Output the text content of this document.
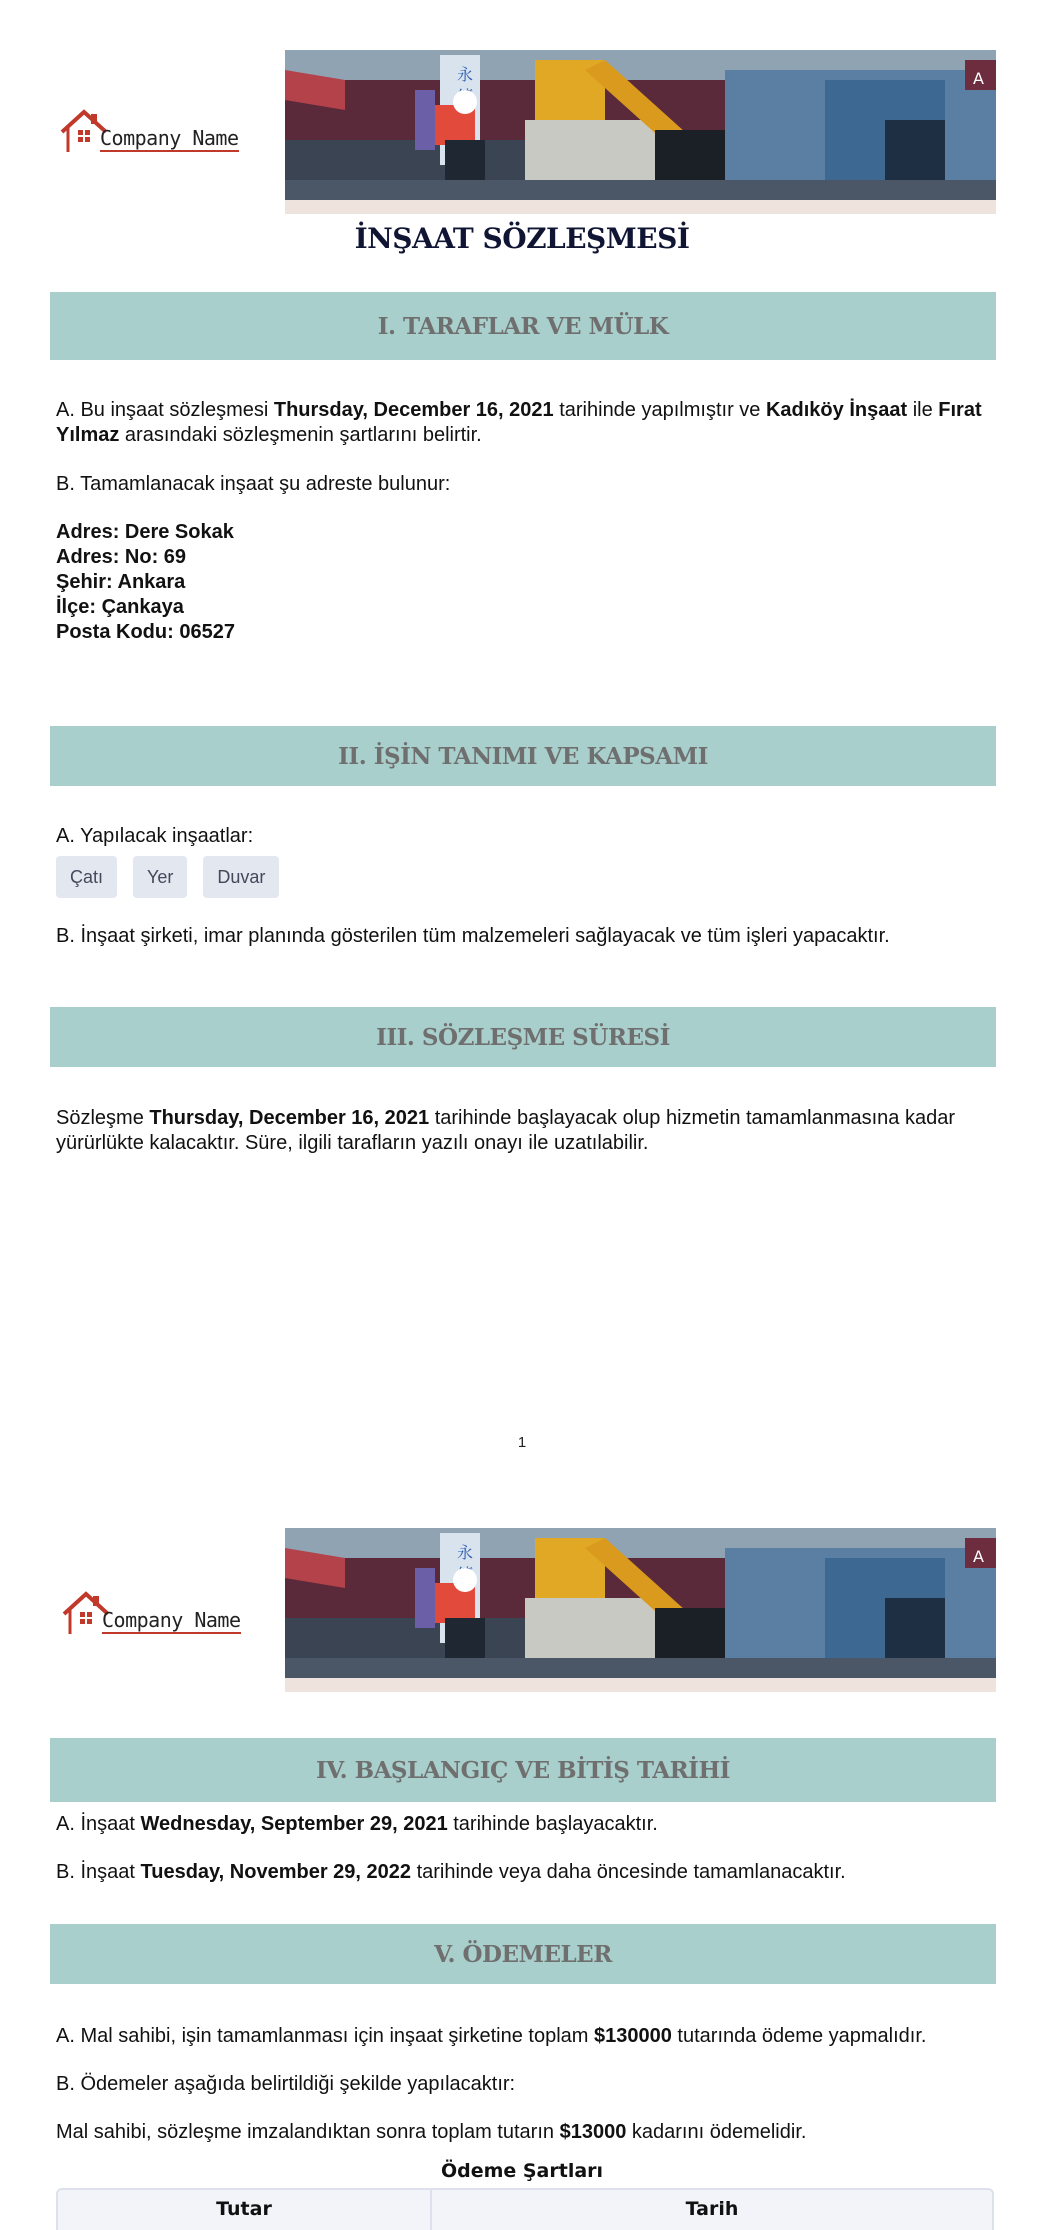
Company Name
永	A
İNŞAAT SÖZLEŞMESİ
I. TARAFLAR VE MÜLK
A. Bu inşaat sözleşmesi Thursday, December 16, 2021 tarihinde yapılmıştır ve Kadıköy İnşaat ile Fırat Yılmaz arasındaki sözleşmenin şartlarını belirtir.
B. Tamamlanacak inşaat şu adreste bulunur:
Adres: Dere Sokak
Adres: No: 69
Şehir: Ankara
İlçe: Çankaya
Posta Kodu: 06527
II. İŞİN TANIMI VE KAPSAMI
A. Yapılacak inşaatlar:
Çatı	Yer	Duvar
B. İnşaat şirketi, imar planında gösterilen tüm malzemeleri sağlayacak ve tüm işleri yapacaktır.
III. SÖZLEŞME SÜRESİ
Sözleşme Thursday, December 16, 2021 tarihinde başlayacak olup hizmetin tamamlanmasına kadar yürürlükte kalacaktır. Süre, ilgili tarafların yazılı onayı ile uzatılabilir.
1
Company Name
永	A
IV. BAŞLANGIÇ VE BİTİŞ TARİHİ
A. İnşaat Wednesday, September 29, 2021 tarihinde başlayacaktır.
B. İnşaat Tuesday, November 29, 2022 tarihinde veya daha öncesinde tamamlanacaktır.
V. ÖDEMELER
A. Mal sahibi, işin tamamlanması için inşaat şirketine toplam $130000 tutarında ödeme yapmalıdır.
B. Ödemeler aşağıda belirtildiği şekilde yapılacaktır:
Mal sahibi, sözleşme imzalandıktan sonra toplam tutarın $13000 kadarını ödemelidir.
Ödeme Şartları
Tutar	Tarih
